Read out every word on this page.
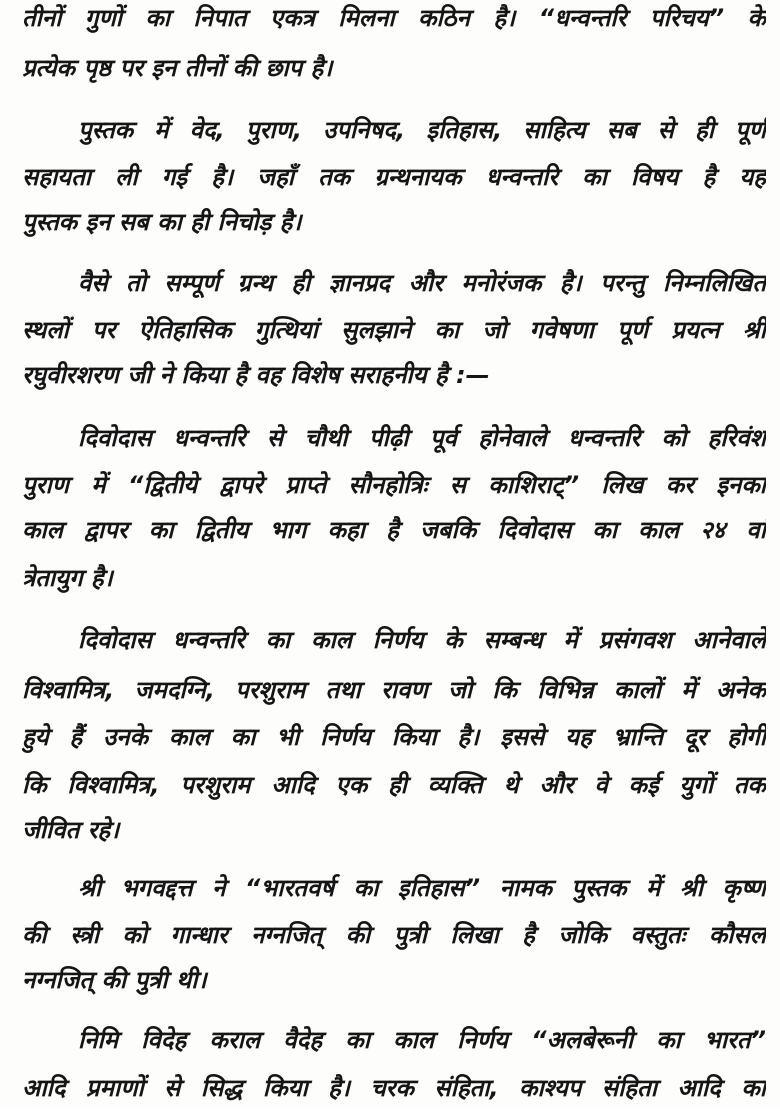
तीनों गुणों का निपात एकत्र मिलना कठिन है। “धन्वन्तरि परिचय” के
प्रत्येक पृष्ठ पर इन तीनों की छाप है।
पुस्तक में वेद, पुराण, उपनिषद, इतिहास, साहित्य सब से ही पूर्ण
सहायता ली गई है। जहाँ तक ग्रन्थनायक धन्वन्तरि का विषय है यह
पुस्तक इन सब का ही निचोड़ है।
वैसे तो सम्पूर्ण ग्रन्थ ही ज्ञानप्रद और मनोरंजक है। परन्तु निम्नलिखित
स्थलों पर ऐतिहासिक गुत्थियां सुलझाने का जो गवेषणा पूर्ण प्रयत्न श्री
रघुवीरशरण जी ने किया है वह विशेष सराहनीय है :—
दिवोदास धन्वन्तरि से चौथी पीढ़ी पूर्व होनेवाले धन्वन्तरि को हरिवंश
पुराण में “द्वितीये द्वापरे प्राप्ते सौनहोत्रिः स काशिराट्” लिख कर इनका
काल द्वापर का द्वितीय भाग कहा है जबकि दिवोदास का काल २४ वां
त्रेतायुग है।
दिवोदास धन्वन्तरि का काल निर्णय के सम्बन्ध में प्रसंगवश आनेवाले
विश्वामित्र, जमदग्नि, परशुराम तथा रावण जो कि विभिन्न कालों में अनेक
हुये हैं उनके काल का भी निर्णय किया है। इससे यह भ्रान्ति दूर होगी
कि विश्वामित्र, परशुराम आदि एक ही व्यक्ति थे और वे कई युगों तक
जीवित रहे।
श्री भगवद्दत्त ने “भारतवर्ष का इतिहास” नामक पुस्तक में श्री कृष्ण
की स्त्री को गान्धार नग्नजित् की पुत्री लिखा है जोकि वस्तुतः कौसल
नग्नजित् की पुत्री थी।
निमि विदेह कराल वैदेह का काल निर्णय “अलबेरूनी का भारत”
आदि प्रमाणों से सिद्ध किया है। चरक संहिता, काश्यप संहिता आदि का
